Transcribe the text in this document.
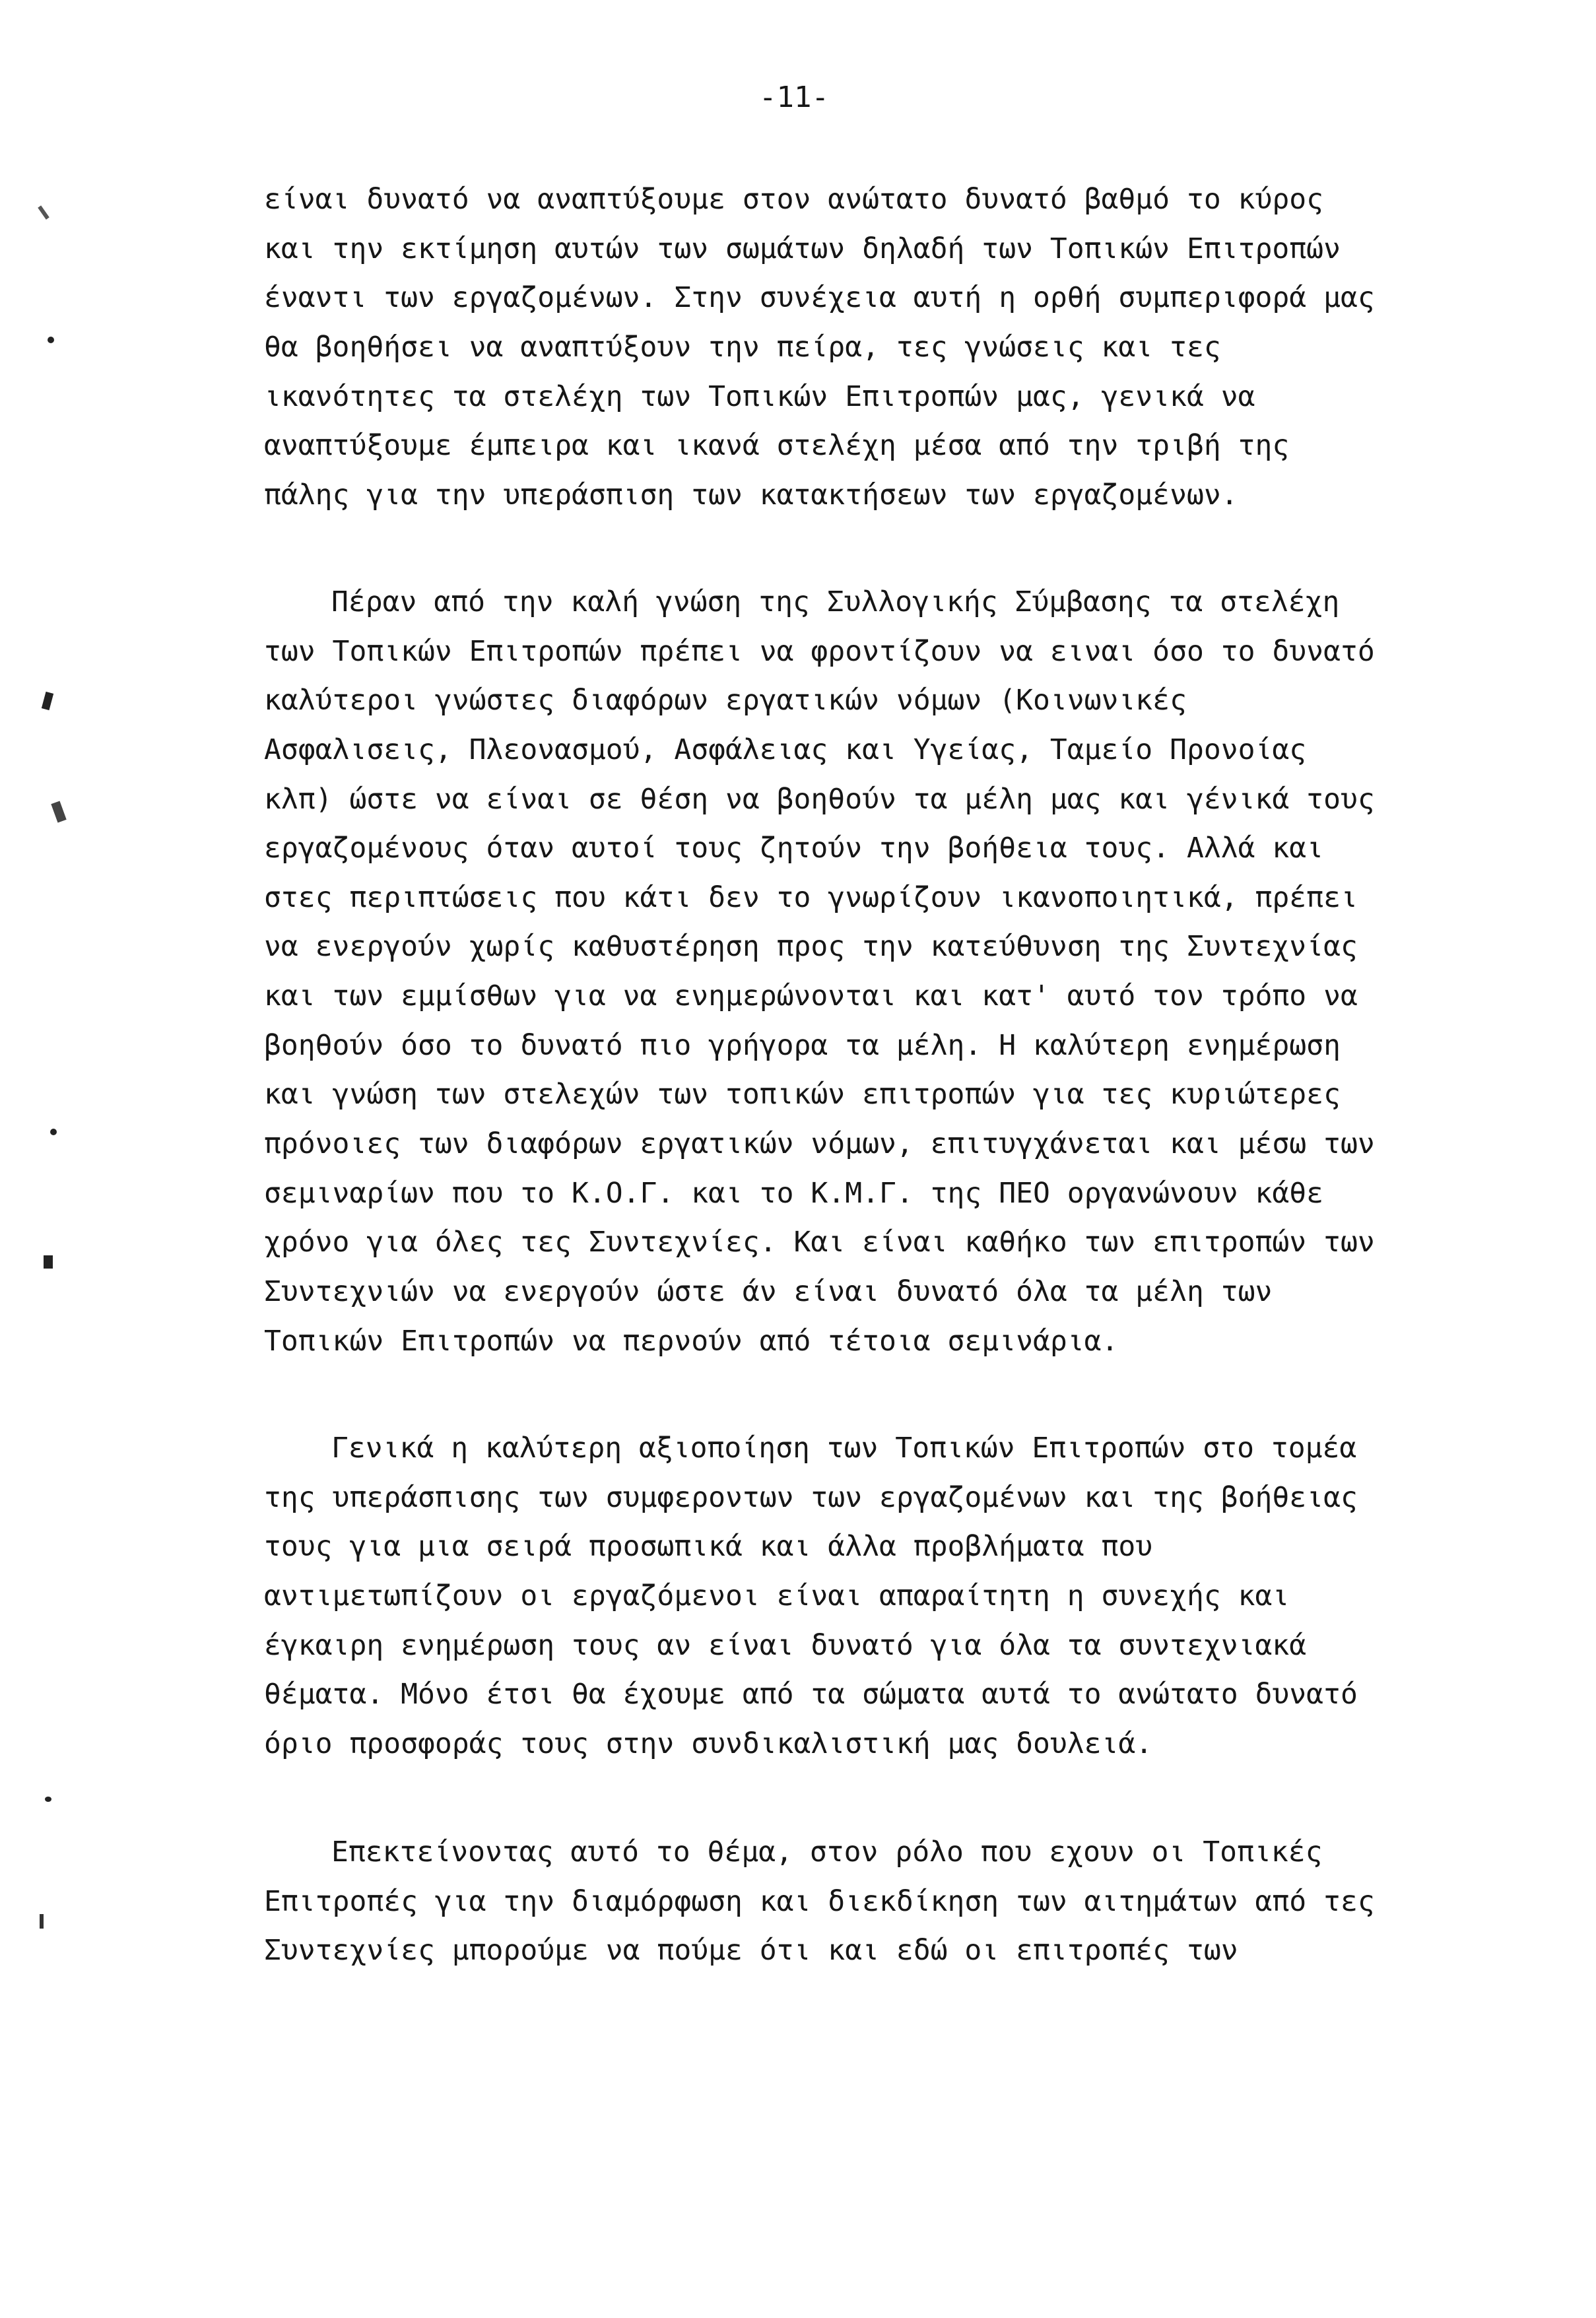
-11-
είναι δυνατό να αναπτύξουμε στον ανώτατο δυνατό βαθμό το κύρος
και την εκτίμηση αυτών των σωμάτων δηλαδή των Τοπικών Επιτροπών
έναντι των εργαζομένων. Στην συνέχεια αυτή η ορθή συμπεριφορά μας
θα βοηθήσει να αναπτύξουν την πείρα, τες γνώσεις και τες
ικανότητες τα στελέχη των Τοπικών Επιτροπών μας, γενικά να
αναπτύξουμε έμπειρα και ικανά στελέχη μέσα από την τριβή της
πάλης για την υπεράσπιση των κατακτήσεων των εργαζομένων.
Πέραν από την καλή γνώση της Συλλογικής Σύμβασης τα στελέχη
των Τοπικών Επιτροπών πρέπει να φροντίζουν να ειναι όσο το δυνατό
καλύτεροι γνώστες διαφόρων εργατικών νόμων (Κοινωνικές
Ασφαλισεις, Πλεονασμού, Ασφάλειας και Υγείας, Ταμείο Προνοίας
κλπ) ώστε να είναι σε θέση να βοηθούν τα μέλη μας και γένικά τους
εργαζομένους όταν αυτοί τους ζητούν την βοήθεια τους. Αλλά και
στες περιπτώσεις που κάτι δεν το γνωρίζουν ικανοποιητικά, πρέπει
να ενεργούν χωρίς καθυστέρηση προς την κατεύθυνση της Συντεχνίας
και των εμμίσθων για να ενημερώνονται και κατ' αυτό τον τρόπο να
βοηθούν όσο το δυνατό πιο γρήγορα τα μέλη. Η καλύτερη ενημέρωση
και γνώση των στελεχών των τοπικών επιτροπών για τες κυριώτερες
πρόνοιες των διαφόρων εργατικών νόμων, επιτυγχάνεται και μέσω των
σεμιναρίων που το Κ.Ο.Γ. και το Κ.Μ.Γ. της ΠΕΟ οργανώνουν κάθε
χρόνο για όλες τες Συντεχνίες. Και είναι καθήκο των επιτροπών των
Συντεχνιών να ενεργούν ώστε άν είναι δυνατό όλα τα μέλη των
Τοπικών Επιτροπών να περνούν από τέτοια σεμινάρια.
Γενικά η καλύτερη αξιοποίηση των Τοπικών Επιτροπών στο τομέα
της υπεράσπισης των συμφεροντων των εργαζομένων και της βοήθειας
τους για μια σειρά προσωπικά και άλλα προβλήματα που
αντιμετωπίζουν οι εργαζόμενοι είναι απαραίτητη η συνεχής και
έγκαιρη ενημέρωση τους αν είναι δυνατό για όλα τα συντεχνιακά
θέματα. Μόνο έτσι θα έχουμε από τα σώματα αυτά το ανώτατο δυνατό
όριο προσφοράς τους στην συνδικαλιστική μας δουλειά.
Επεκτείνοντας αυτό το θέμα, στον ρόλο που εχουν οι Τοπικές
Επιτροπές για την διαμόρφωση και διεκδίκηση των αιτημάτων από τες
Συντεχνίες μπορούμε να πούμε ότι και εδώ οι επιτροπές των
